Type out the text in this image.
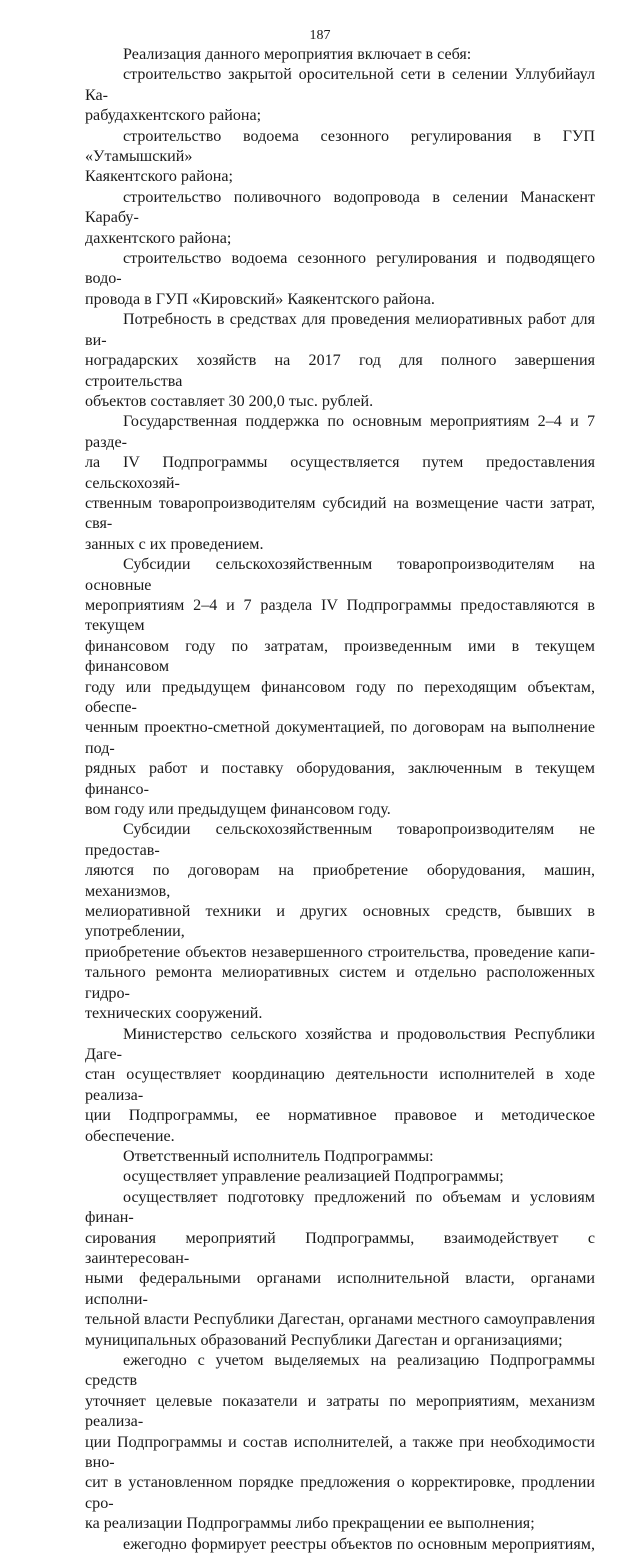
187
Реализация данного мероприятия включает в себя:
строительство закрытой оросительной сети в селении Уллубийаул Ка-
рабудахкентского района;
строительство водоема сезонного регулирования в ГУП «Утамышский»
Каякентского района;
строительство поливочного водопровода в селении Манаскент Карабу-
дахкентского района;
строительство водоема сезонного регулирования и подводящего водо-
провода в ГУП «Кировский» Каякентского района.
Потребность в средствах для проведения мелиоративных работ для ви-
ноградарских хозяйств на 2017 год для полного завершения строительства
объектов составляет 30 200,0 тыс. рублей.
Государственная поддержка по основным мероприятиям 2–4 и 7 разде-
ла IV Подпрограммы осуществляется путем предоставления сельскохозяй-
ственным товаропроизводителям субсидий на возмещение части затрат, свя-
занных с их проведением.
Субсидии сельскохозяйственным товаропроизводителям на основные
мероприятиям 2–4 и 7 раздела IV Подпрограммы предоставляются в текущем
финансовом году по затратам, произведенным ими в текущем финансовом
году или предыдущем финансовом году по переходящим объектам, обеспе-
ченным проектно-сметной документацией, по договорам на выполнение под-
рядных работ и поставку оборудования, заключенным в текущем финансо-
вом году или предыдущем финансовом году.
Субсидии сельскохозяйственным товаропроизводителям не предостав-
ляются по договорам на приобретение оборудования, машин, механизмов,
мелиоративной техники и других основных средств, бывших в употреблении,
приобретение объектов незавершенного строительства, проведение капи-
тального ремонта мелиоративных систем и отдельно расположенных гидро-
технических сооружений.
Министерство сельского хозяйства и продовольствия Республики Даге-
стан осуществляет координацию деятельности исполнителей в ходе реализа-
ции Подпрограммы, ее нормативное правовое и методическое обеспечение.
Ответственный исполнитель Подпрограммы:
осуществляет управление реализацией Подпрограммы;
осуществляет подготовку предложений по объемам и условиям финан-
сирования мероприятий Подпрограммы, взаимодействует с заинтересован-
ными федеральными органами исполнительной власти, органами исполни-
тельной власти Республики Дагестан, органами местного самоуправления
муниципальных образований Республики Дагестан и организациями;
ежегодно с учетом выделяемых на реализацию Подпрограммы средств
уточняет целевые показатели и затраты по мероприятиям, механизм реализа-
ции Подпрограммы и состав исполнителей, а также при необходимости вно-
сит в установленном порядке предложения о корректировке, продлении сро-
ка реализации Подпрограммы либо прекращении ее выполнения;
ежегодно формирует реестры объектов по основным мероприятиям,
